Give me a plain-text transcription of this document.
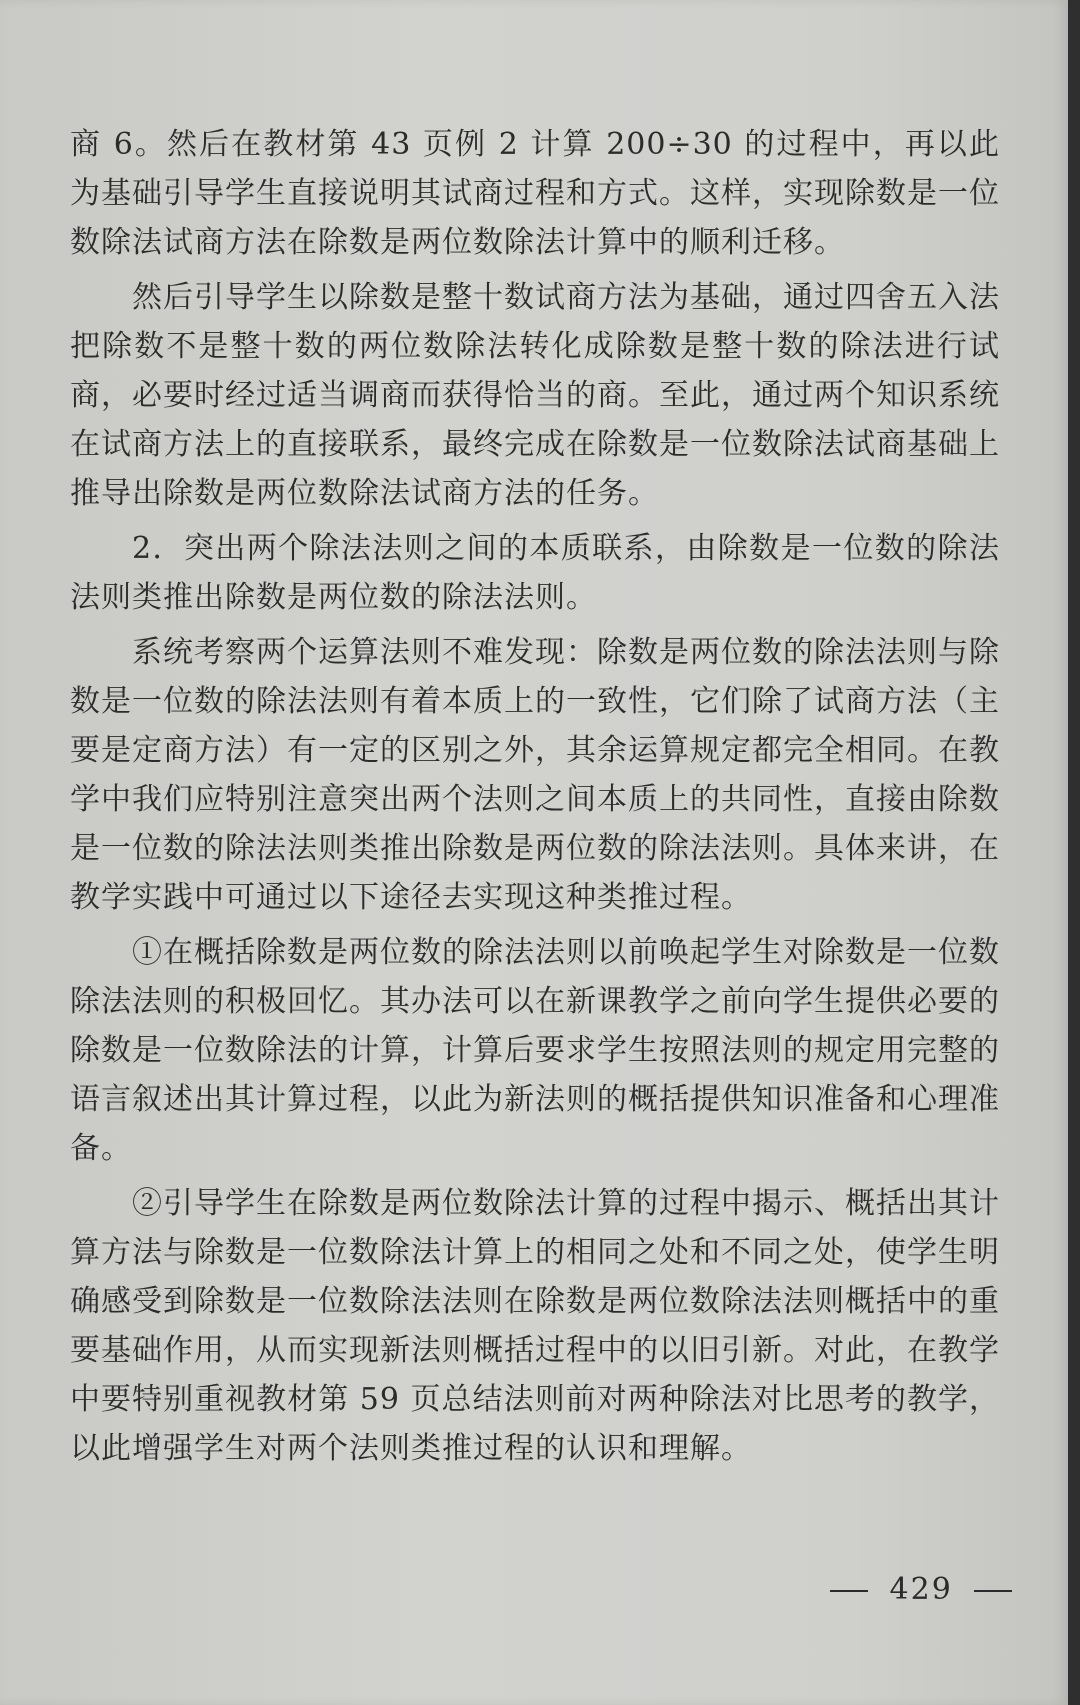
商 6。然后在教材第 43 页例 2 计算 200÷30 的过程中，再以此为基础引导学生直接说明其试商过程和方式。这样，实现除数是一位数除法试商方法在除数是两位数除法计算中的顺利迁移。

然后引导学生以除数是整十数试商方法为基础，通过四舍五入法把除数不是整十数的两位数除法转化成除数是整十数的除法进行试商，必要时经过适当调商而获得恰当的商。至此，通过两个知识系统在试商方法上的直接联系，最终完成在除数是一位数除法试商基础上推导出除数是两位数除法试商方法的任务。

2．突出两个除法法则之间的本质联系，由除数是一位数的除法法则类推出除数是两位数的除法法则。

系统考察两个运算法则不难发现：除数是两位数的除法法则与除数是一位数的除法法则有着本质上的一致性，它们除了试商方法（主要是定商方法）有一定的区别之外，其余运算规定都完全相同。在教学中我们应特别注意突出两个法则之间本质上的共同性，直接由除数是一位数的除法法则类推出除数是两位数的除法法则。具体来讲，在教学实践中可通过以下途径去实现这种类推过程。

①在概括除数是两位数的除法法则以前唤起学生对除数是一位数除法法则的积极回忆。其办法可以在新课教学之前向学生提供必要的除数是一位数除法的计算，计算后要求学生按照法则的规定用完整的语言叙述出其计算过程，以此为新法则的概括提供知识准备和心理准备。

②引导学生在除数是两位数除法计算的过程中揭示、概括出其计算方法与除数是一位数除法计算上的相同之处和不同之处，使学生明确感受到除数是一位数除法法则在除数是两位数除法法则概括中的重要基础作用，从而实现新法则概括过程中的以旧引新。对此，在教学中要特别重视教材第 59 页总结法则前对两种除法对比思考的教学，以此增强学生对两个法则类推过程的认识和理解。

429
